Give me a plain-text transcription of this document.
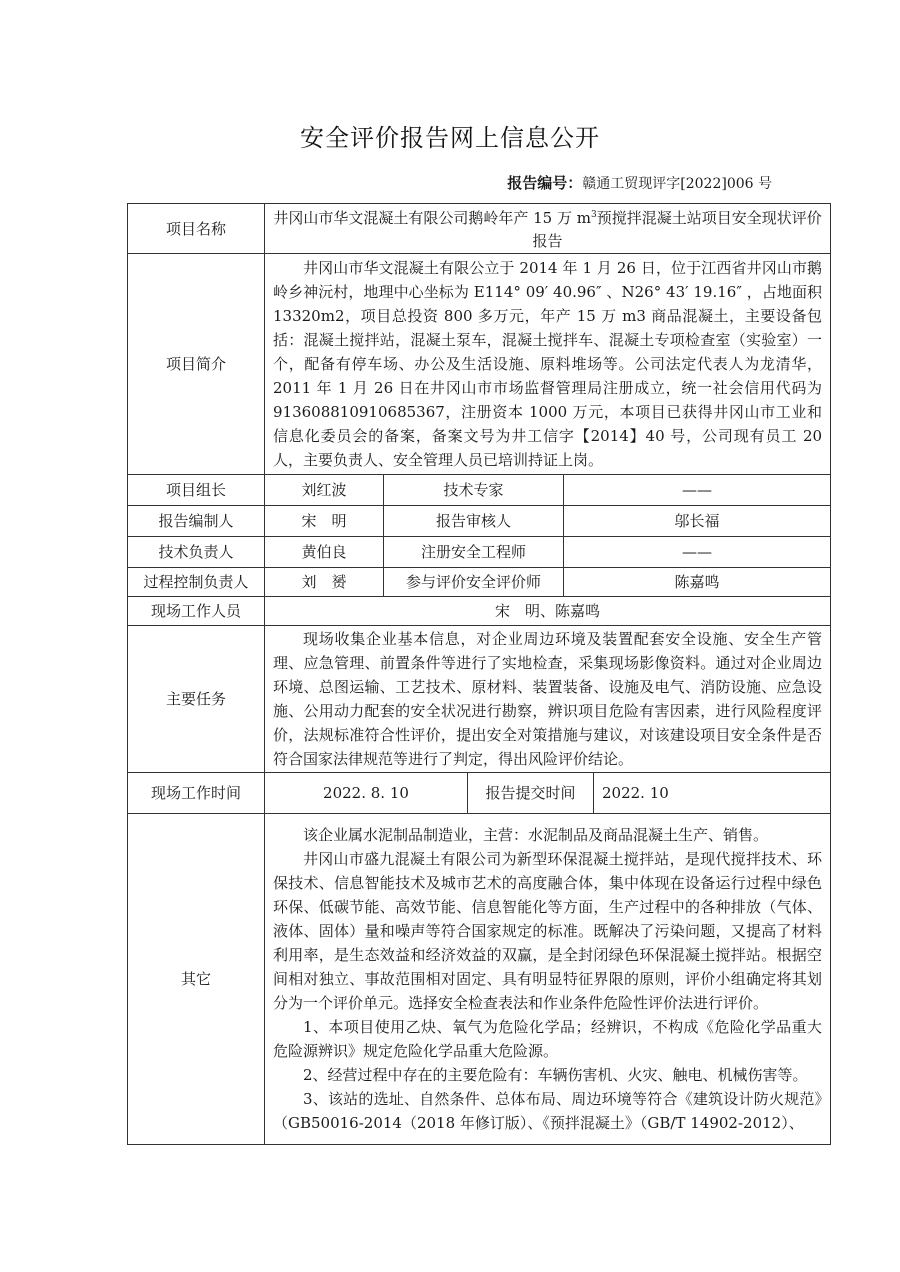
安全评价报告网上信息公开
报告编号：赣通工贸现评字[2022]006 号
项目名称	井冈山市华文混凝土有限公司鹅岭年产 15 万 $m^3$预搅拌混凝土站项目安全现状评价报告				
项目简介	井冈山市华文混凝土有限公立于 2014 年 1 月 26 日，位于江西省井冈山市鹅岭乡神沅村，地理中心坐标为 E114° 09′ 40.96″ 、N26° 43′ 19.16″ ，占地面积 13320m2，项目总投资 800 多万元，年产 15 万 m3 商品混凝土，主要设备包括：混凝土搅拌站，混凝土泵车，混凝土搅拌车、混凝土专项检查室（实验室）一个，配备有停车场、办公及生活设施、原料堆场等。公司法定代表人为龙清华，2011 年 1 月 26 日在井冈山市市场监督管理局注册成立，统一社会信用代码为 913608810910685367，注册资本 1000 万元，本项目已获得井冈山市工业和信息化委员会的备案，备案文号为井工信字【2014】40 号，公司现有员工 20 人，主要负责人、安全管理人员已培训持证上岗。				

项目组长	刘红波	技术专家		——	
报告编制人	宋　明	报告审核人		邬长福	
技术负责人	黄伯良	注册安全工程师		——	
过程控制负责人	刘　赟	参与评价安全评价师		陈嘉鸣	
现场工作人员	宋　明、陈嘉鸣				
主要任务	现场收集企业基本信息，对企业周边环境及装置配套安全设施、安全生产管理、应急管理、前置条件等进行了实地检查，采集现场影像资料。通过对企业周边环境、总图运输、工艺技术、原材料、装置装备、设施及电气、消防设施、应急设施、公用动力配套的安全状况进行勘察，辨识项目危险有害因素，进行风险程度评价，法规标准符合性评价，提出安全对策措施与建议，对该建设项目安全条件是否符合国家法律规范等进行了判定，得出风险评价结论。				

现场工作时间	2022. 8. 10		报告提交时间		2022. 10
其它	该企业属水泥制品制造业，主营：水泥制品及商品混凝土生产、销售。

井冈山市盛九混凝土有限公司为新型环保混凝土搅拌站，是现代搅拌技术、环保技术、信息智能技术及城市艺术的高度融合体，集中体现在设备运行过程中绿色环保、低碳节能、高效节能、信息智能化等方面，生产过程中的各种排放（气体、液体、固体）量和噪声等符合国家规定的标准。既解决了污染问题，又提高了材料利用率，是生态效益和经济效益的双赢，是全封闭绿色环保混凝土搅拌站。根据空间相对独立、事故范围相对固定、具有明显特征界限的原则，评价小组确定将其划分为一个评价单元。选择安全检查表法和作业条件危险性评价法进行评价。

1、本项目使用乙炔、氧气为危险化学品；经辨识，不构成《危险化学品重大危险源辨识》规定危险化学品重大危险源。

2、经营过程中存在的主要危险有：车辆伤害机、火灾、触电、机械伤害等。

3、该站的选址、自然条件、总体布局、周边环境等符合《建筑设计防火规范》（GB50016-2014（2018 年修订版）、《预拌混凝土》（GB/T 14902-2012）、				
